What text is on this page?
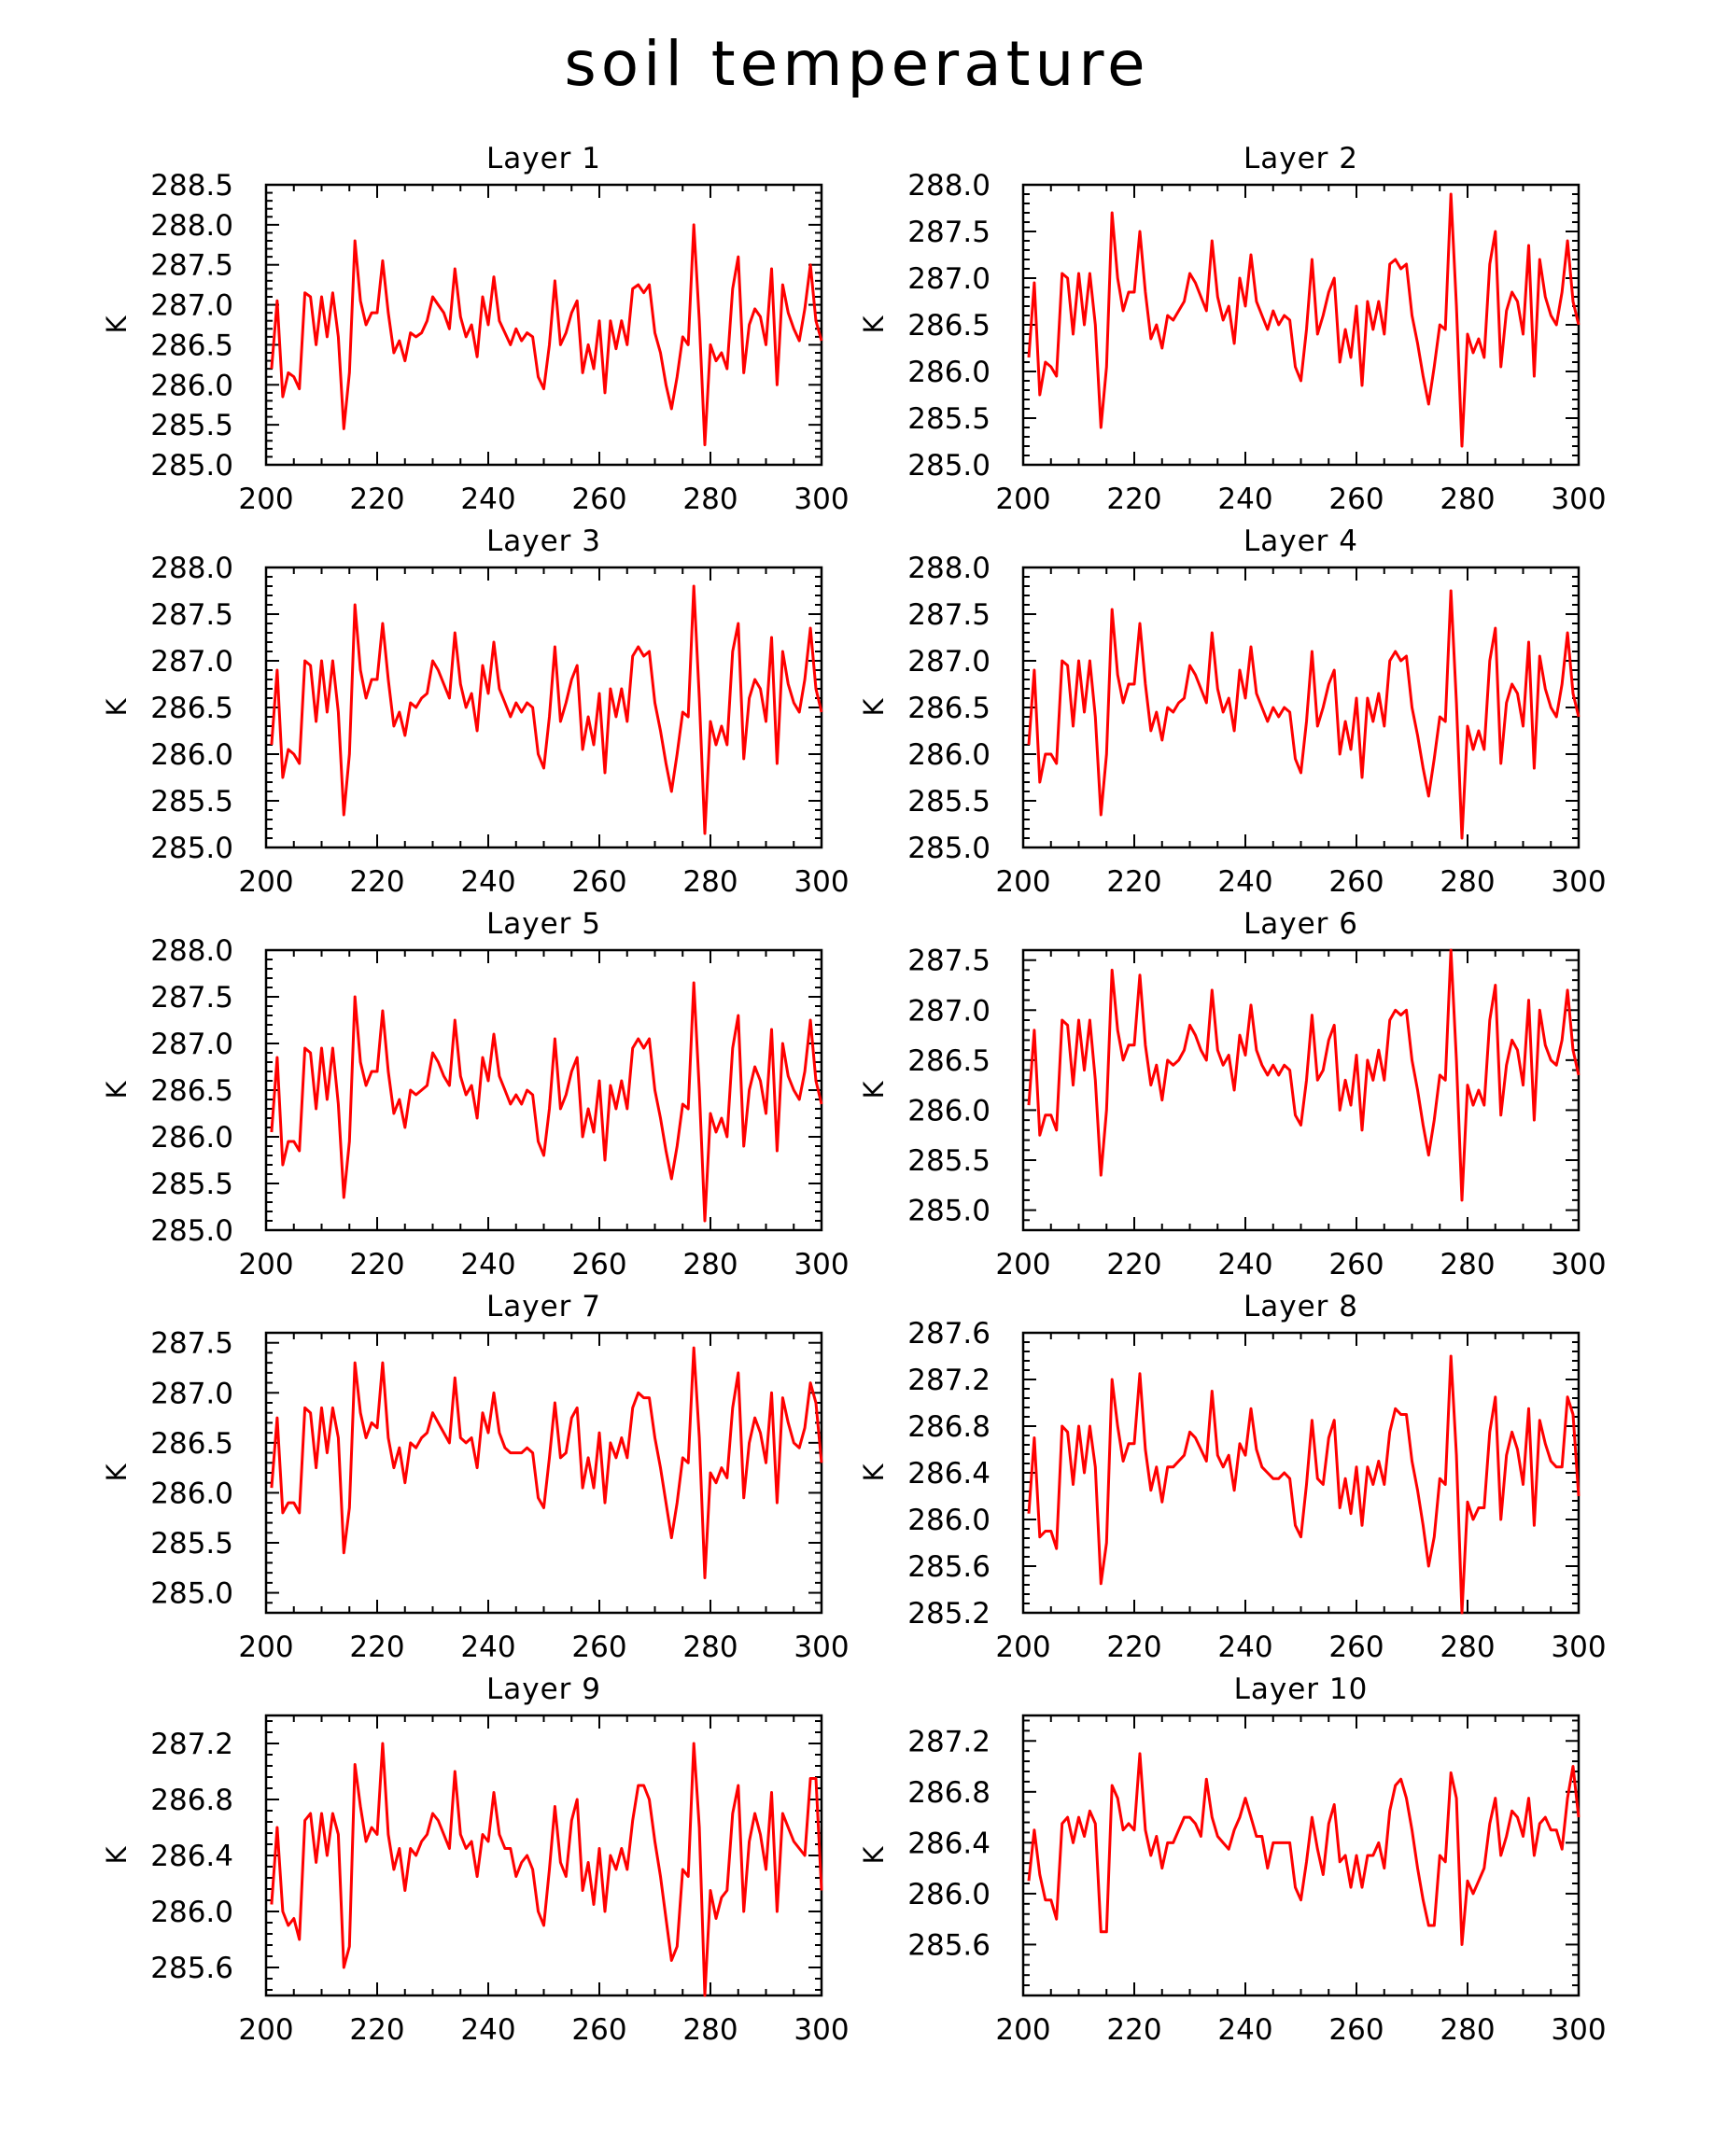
soil temperature
200 220 240 260 280 300
285.0
285.5
286.0
286.5
287.0
287.5
288.0
288.5
Layer 1
K
200 220 240 260 280 300
285.0
285.5
286.0
286.5
287.0
287.5
288.0
Layer 2
K
200 220 240 260 280 300
285.0
285.5
286.0
286.5
287.0
287.5
288.0
Layer 3
K
200 220 240 260 280 300
285.0
285.5
286.0
286.5
287.0
287.5
288.0
Layer 4
K
200 220 240 260 280 300
285.0
285.5
286.0
286.5
287.0
287.5
288.0
Layer 5
K
200 220 240 260 280 300
285.0
285.5
286.0
286.5
287.0
287.5
Layer 6
K
200 220 240 260 280 300
285.0
285.5
286.0
286.5
287.0
287.5
Layer 7
K
200 220 240 260 280 300
285.2
285.6
286.0
286.4
286.8
287.2
287.6
Layer 8
K
200 220 240 260 280 300
285.6
286.0
286.4
286.8
287.2
Layer 9
K
200 220 240 260 280 300
285.6
286.0
286.4
286.8
287.2
Layer 10
K
